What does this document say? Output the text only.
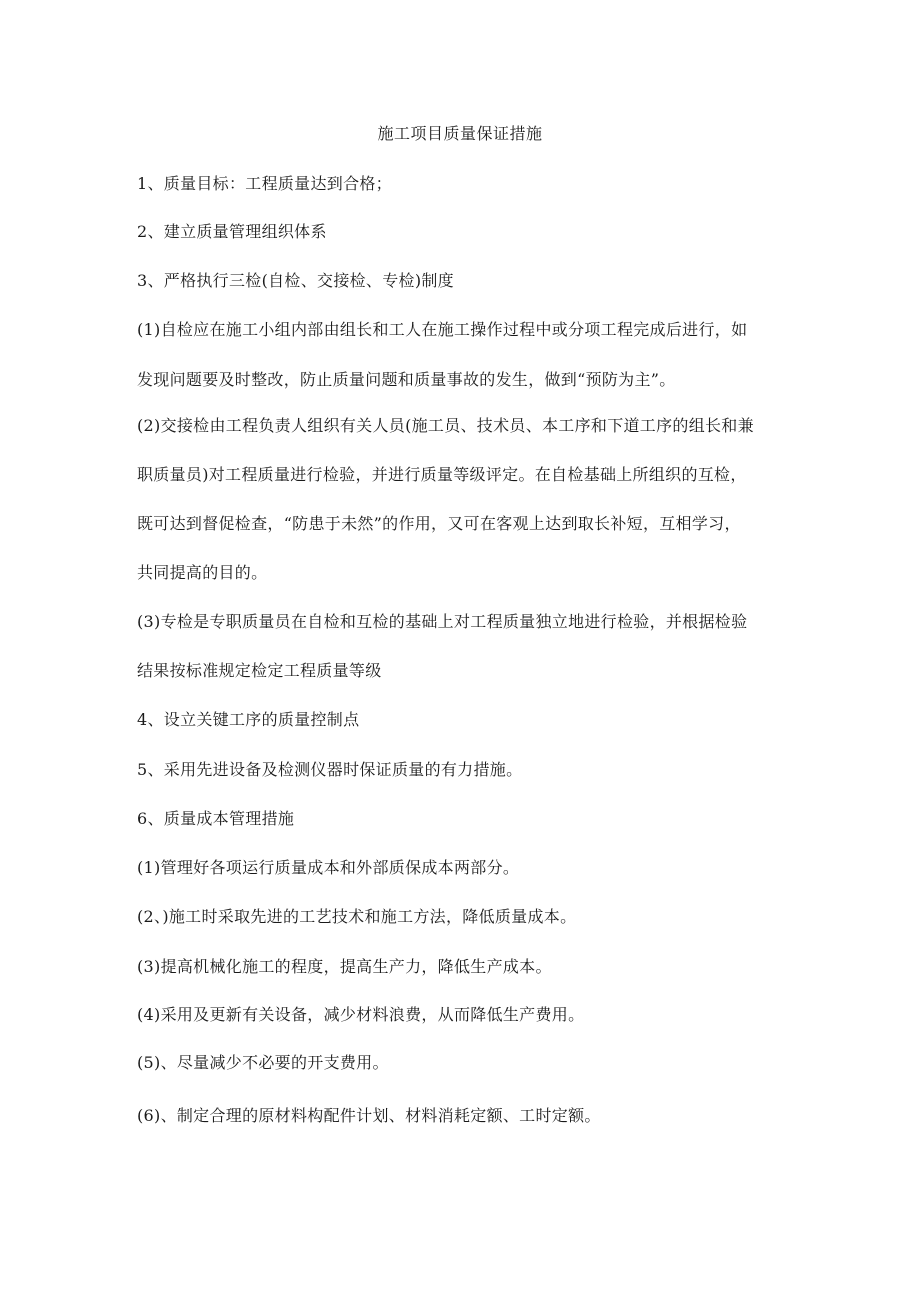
施工项目质量保证措施
1、质量目标：工程质量达到合格；
2、建立质量管理组织体系
3、严格执行三检(自检、交接检、专检)制度
(1)自检应在施工小组内部由组长和工人在施工操作过程中或分项工程完成后进行，如
发现问题要及时整改，防止质量问题和质量事故的发生，做到“预防为主”。
(2)交接检由工程负责人组织有关人员(施工员、技术员、本工序和下道工序的组长和兼
职质量员)对工程质量进行检验，并进行质量等级评定。在自检基础上所组织的互检，
既可达到督促检查，“防患于未然”的作用，又可在客观上达到取长补短，互相学习，
共同提高的目的。
(3)专检是专职质量员在自检和互检的基础上对工程质量独立地进行检验，并根据检验
结果按标准规定检定工程质量等级
4、设立关键工序的质量控制点
5、采用先进设备及检测仪器时保证质量的有力措施。
6、质量成本管理措施
(1)管理好各项运行质量成本和外部质保成本两部分。
(2、)施工时采取先进的工艺技术和施工方法，降低质量成本。
(3)提高机械化施工的程度，提高生产力，降低生产成本。
(4)采用及更新有关设备，减少材料浪费，从而降低生产费用。
(5)、尽量减少不必要的开支费用。
(6)、制定合理的原材料构配件计划、材料消耗定额、工时定额。
